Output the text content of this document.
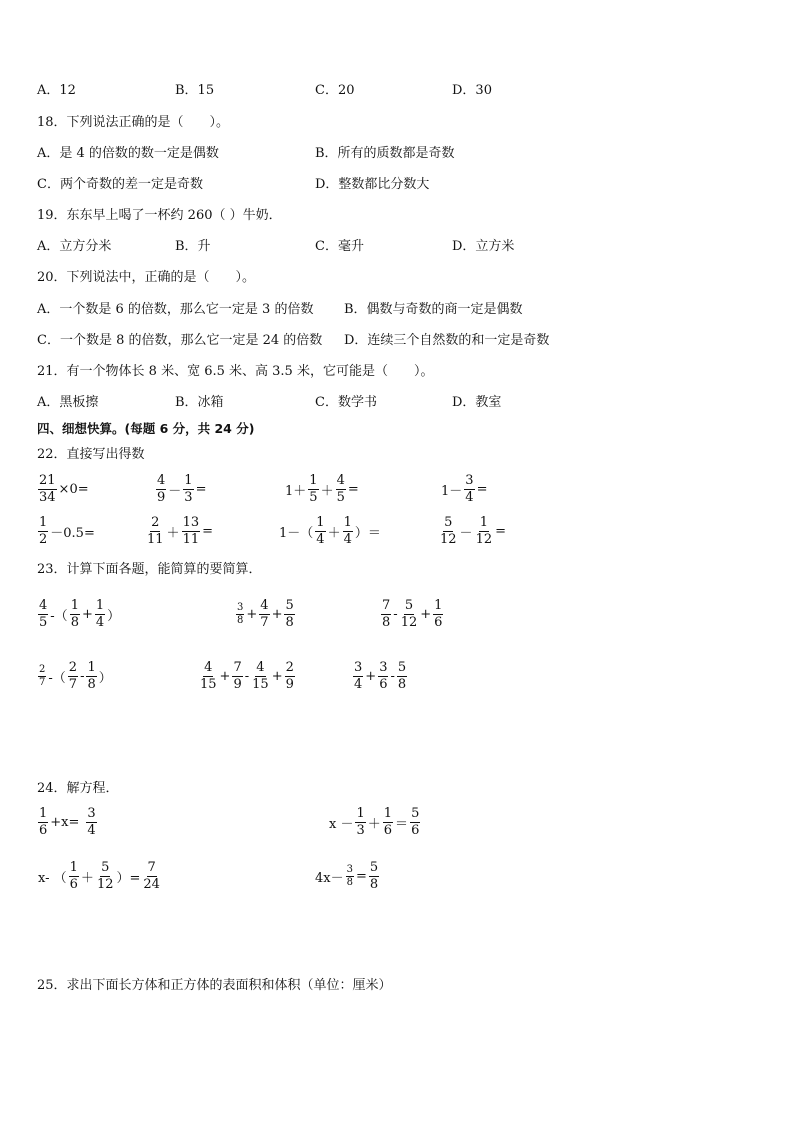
A．12	B．15	C．20	D．30
18．下列说法正确的是（　　）。
A．是 4 的倍数的数一定是偶数	B．所有的质数都是奇数
C．两个奇数的差一定是奇数	D．整数都比分数大
19．东东早上喝了一杯约 260（ ）牛奶．
A．立方分米	B．升	C．毫升	D．立方米
20．下列说法中，正确的是（　　）。
A．一个数是 6 的倍数，那么它一定是 3 的倍数 B．偶数与奇数的商一定是偶数
C．一个数是 8 的倍数，那么它一定是 24 的倍数 D．连续三个自然数的和一定是奇数
21．有一个物体长 8 米、宽 6.5 米、高 3.5 米，它可能是（　　）。
A．黑板擦	B．冰箱	C．数学书	D．教室
四、细想快算。(每题 6 分，共 24 分)
22．直接写出得数
$\frac{21}{34} \times 0=$	$\frac{4}{9} - \frac{1}{3}$ =	$1+ \frac{1}{5} + \frac{4}{5}$ =	$1- \frac{3}{4}$ =
$\frac{1}{2} -0.5=$	$\frac{2}{11} + \frac{13}{11}$ =	$1-( \frac{1}{4} + \frac{1}{4}$ ）＝	$\frac{5}{12} - \frac{1}{12}$ =
23．计算下面各题，能简算的要简算．
$\frac{4}{5}$ -（ $\frac{1}{8} + \frac{1}{4}$ ）	$\frac{3}{8} + \frac{4}{7} + \frac{5}{8}$	$\frac{7}{8} - \frac{5}{12} + \frac{1}{6}$
$\frac{2}{7}$ -（ $\frac{2}{7} - \frac{1}{8}$ ）	$\frac{4}{15} + \frac{7}{9} - \frac{4}{15} + \frac{2}{9}$	$\frac{3}{4} + \frac{3}{6} - \frac{5}{8}$
24．解方程．
$\frac{1}{6} +x= \frac{3}{4}$	$x - \frac{1}{3} + \frac{1}{6} = \frac{5}{6}$
x- （ $\frac{1}{6} + \frac{5}{12}$ ）= $\frac{7}{24}$	$4x- \frac{3}{8} = \frac{5}{8}$
25．求出下面长方体和正方体的表面积和体积（单位：厘米）
